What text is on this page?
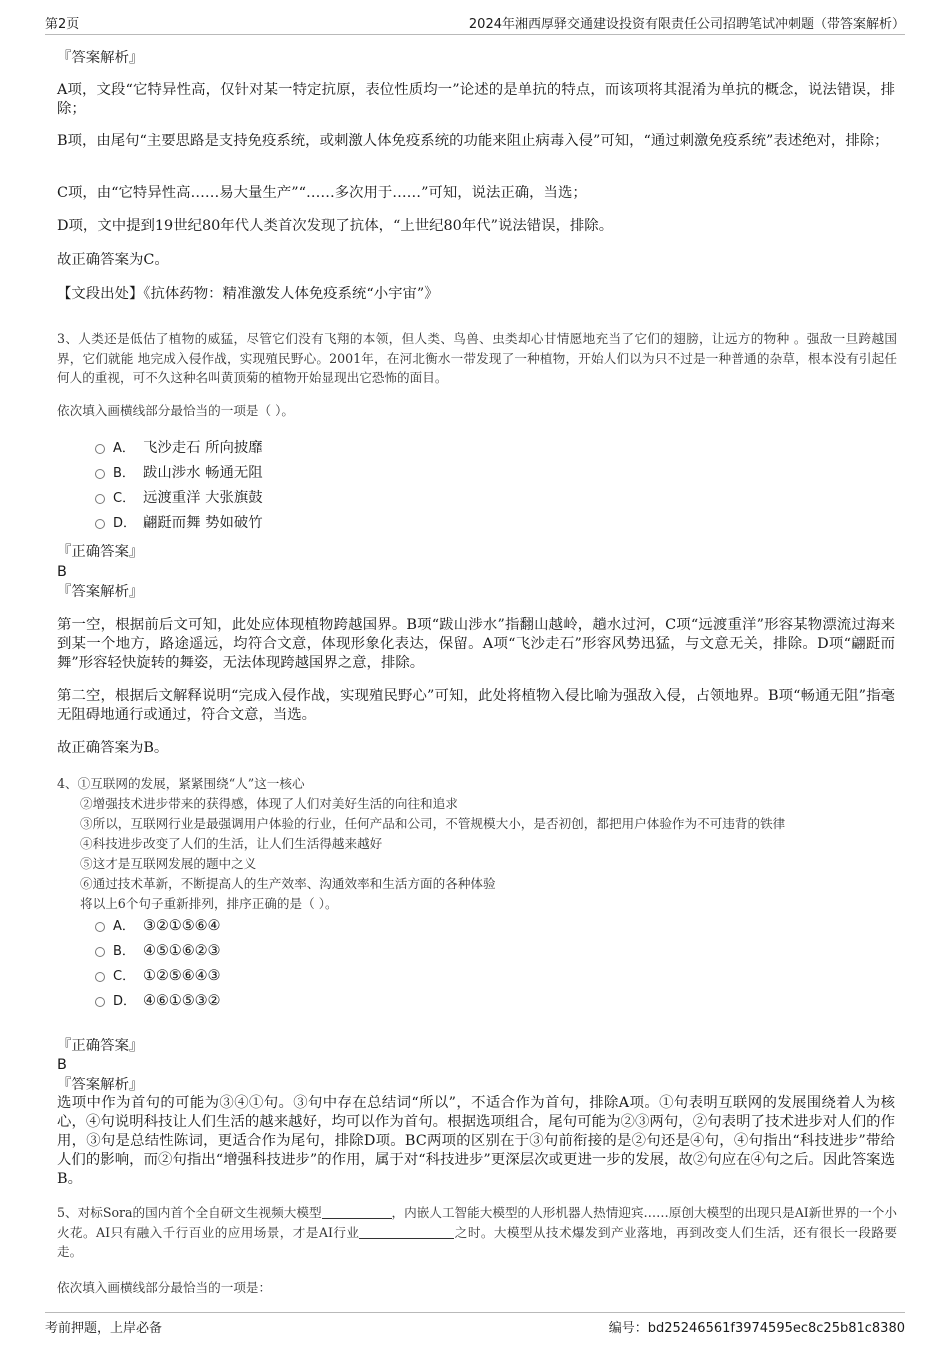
第2页	2024年湘西厚驿交通建设投资有限责任公司招聘笔试冲刺题（带答案解析）
『答案解析』
A项，文段“它特异性高，仅针对某一特定抗原，表位性质均一”论述的是单抗的特点，而该项将其混淆为单抗的概念，说法错误，排除；
B项，由尾句“主要思路是支持免疫系统，或刺激人体免疫系统的功能来阻止病毒入侵”可知，“通过刺激免疫系统”表述绝对，排除；
C项，由“它特异性高……易大量生产”“……多次用于……”可知，说法正确，当选；
D项，文中提到19世纪80年代人类首次发现了抗体，“上世纪80年代”说法错误，排除。
故正确答案为C。
【文段出处】《抗体药物：精准激发人体免疫系统“小宇宙”》
3、人类还是低估了植物的威猛，尽管它们没有飞翔的本领，但人类、鸟兽、虫类却心甘情愿地充当了它们的翅膀，让远方的物种 。强敌一旦跨越国界，它们就能 地完成入侵作战，实现殖民野心。2001年，在河北衡水一带发现了一种植物，开始人们以为只不过是一种普通的杂草，根本没有引起任何人的重视，可不久这种名叫黄顶菊的植物开始显现出它恐怖的面目。
依次填入画横线部分最恰当的一项是（ ）。
A． 飞沙走石 所向披靡
B． 跋山涉水 畅通无阻
C． 远渡重洋 大张旗鼓
D． 翩跹而舞 势如破竹
『正确答案』
B
『答案解析』
第一空，根据前后文可知，此处应体现植物跨越国界。B项“跋山涉水”指翻山越岭，趟水过河，C项“远渡重洋”形容某物漂流过海来到某一个地方，路途遥远，均符合文意，体现形象化表达，保留。A项“飞沙走石”形容风势迅猛，与文意无关，排除。D项“翩跹而舞”形容轻快旋转的舞姿，无法体现跨越国界之意，排除。
第二空，根据后文解释说明“完成入侵作战，实现殖民野心”可知，此处将植物入侵比喻为强敌入侵，占领地界。B项“畅通无阻”指毫无阻碍地通行或通过，符合文意，当选。
故正确答案为B。
4、①互联网的发展，紧紧围绕“人”这一核心
②增强技术进步带来的获得感，体现了人们对美好生活的向往和追求
③所以，互联网行业是最强调用户体验的行业，任何产品和公司，不管规模大小，是否初创，都把用户体验作为不可违背的铁律
④科技进步改变了人们的生活，让人们生活得越来越好
⑤这才是互联网发展的题中之义
⑥通过技术革新，不断提高人的生产效率、沟通效率和生活方面的各种体验
将以上6个句子重新排列，排序正确的是（ ）。
A． ③②①⑤⑥④
B． ④⑤①⑥②③
C． ①②⑤⑥④③
D． ④⑥①⑤③②
『正确答案』
B
『答案解析』
选项中作为首句的可能为③④①句。③句中存在总结词“所以”，不适合作为首句，排除A项。①句表明互联网的发展围绕着人为核心，④句说明科技让人们生活的越来越好，均可以作为首句。根据选项组合，尾句可能为②③两句，②句表明了技术进步对人们的作用，③句是总结性陈词，更适合作为尾句，排除D项。BC两项的区别在于③句前衔接的是②句还是④句，④句指出“科技进步”带给人们的影响，而②句指出“增强科技进步”的作用，属于对“科技进步”更深层次或更进一步的发展，故②句应在④句之后。因此答案选B。
5、对标Sora的国内首个全自研文生视频大模型	，内嵌人工智能大模型的人形机器人热情迎宾……原创大模型的出现只是AI新世界的一个小火花。AI只有融入千行百业的应用场景，才是AI行业	之时。大模型从技术爆发到产业落地，再到改变人们生活，还有很长一段路要走。
依次填入画横线部分最恰当的一项是：
考前押题，上岸必备	编号：bd25246561f3974595ec8c25b81c8380
